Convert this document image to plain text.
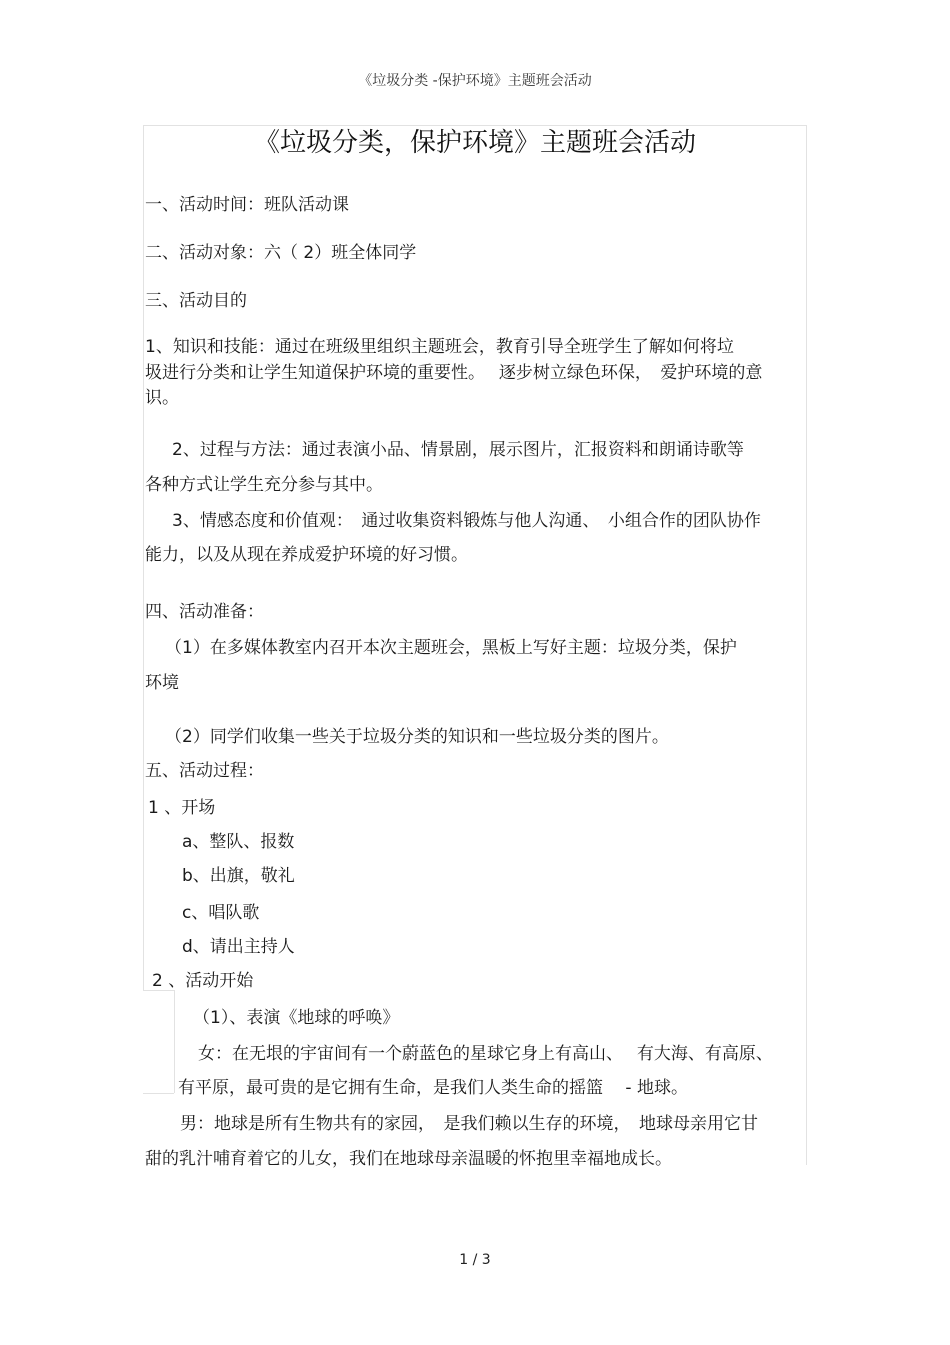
《垃圾分类 -保护环境》主题班会活动
《垃圾分类，保护环境》主题班会活动
一、活动时间：班队活动课
二、活动对象：六（ 2）班全体同学
三、活动目的
1、知识和技能：通过在班级里组织主题班会，教育引导全班学生了解如何将垃
圾进行分类和让学生知道保护环境的重要性。　 逐步树立绿色环保，　爱护环境的意
识。
2、过程与方法：通过表演小品、情景剧，展示图片，汇报资料和朗诵诗歌等
各种方式让学生充分参与其中。
3、情感态度和价值观：　通过收集资料锻炼与他人沟通、　小组合作的团队协作
能力，以及从现在养成爱护环境的好习惯。
四、活动准备：
（1）在多媒体教室内召开本次主题班会，黑板上写好主题：垃圾分类，保护
环境
（2）同学们收集一些关于垃圾分类的知识和一些垃圾分类的图片。
五、活动过程：
1 、开场
a、整队、报数
b、出旗，敬礼
c、唱队歌
d、请出主持人
2 、活动开始
（1）、表演《地球的呼唤》
女：在无垠的宇宙间有一个蔚蓝色的星球它身上有高山、　 有大海、有高原、
有平原，最可贵的是它拥有生命，是我们人类生命的摇篮　 - 地球。
男：地球是所有生物共有的家园，　是我们赖以生存的环境，　地球母亲用它甘
甜的乳汁哺育着它的儿女，我们在地球母亲温暖的怀抱里幸福地成长。
1 / 3
